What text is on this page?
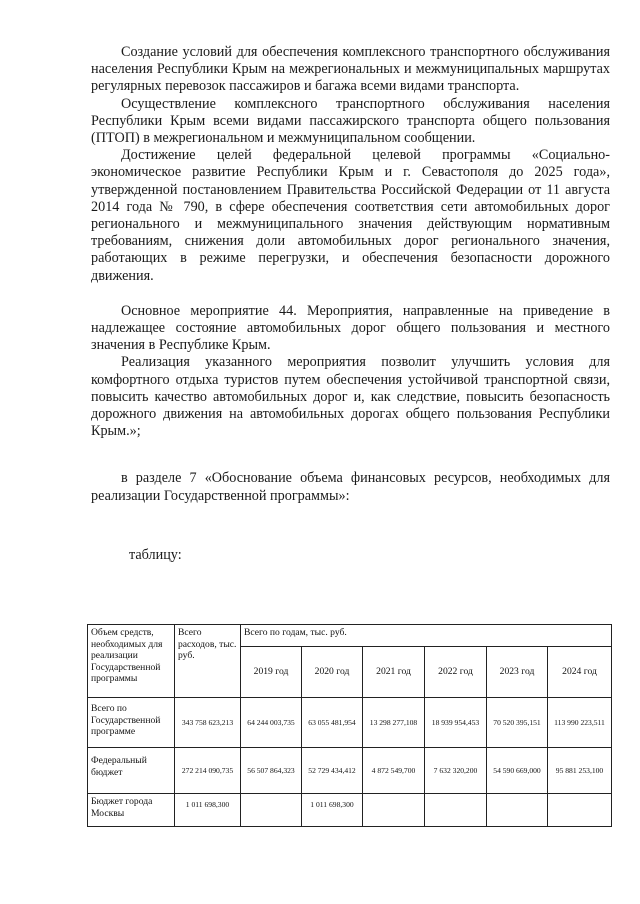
Создание условий для обеспечения комплексного транспортного обслуживания населения Республики Крым на межрегиональных и межмуниципальных маршрутах регулярных перевозок пассажиров и багажа всеми видами транспорта.

Осуществление комплексного транспортного обслуживания населения Республики Крым всеми видами пассажирского транспорта общего пользования (ПТОП) в межрегиональном и межмуниципальном сообщении.

Достижение целей федеральной целевой программы «Социально-экономическое развитие Республики Крым и г. Севастополя до 2025 года», утвержденной постановлением Правительства Российской Федерации от 11 августа 2014 года № 790, в сфере обеспечения соответствия сети автомобильных дорог регионального и межмуниципального значения действующим нормативным требованиям, снижения доли автомобильных дорог регионального значения, работающих в режиме перегрузки, и обеспечения безопасности дорожного движения.

Основное мероприятие 44. Мероприятия, направленные на приведение в надлежащее состояние автомобильных дорог общего пользования и местного значения в Республике Крым.

Реализация указанного мероприятия позволит улучшить условия для комфортного отдыха туристов путем обеспечения устойчивой транспортной связи, повысить качество автомобильных дорог и, как следствие, повысить безопасность дорожного движения на автомобильных дорогах общего пользования Республики Крым.»;

в разделе 7 «Обоснование объема финансовых ресурсов, необходимых для реализации Государственной программы»:

таблицу:

Объем средств, необходимых для реализации Государственной программы	Всего расходов, тыс. руб.	Всего по годам, тыс. руб.					
		2019 год	2020 год	2021 год	2022 год	2023 год	2024 год
Всего по Государственной программе	343 758 623,213	64 244 003,735	63 055 481,954	13 298 277,108	18 939 954,453	70 520 395,151	113 990 223,511
Федеральный бюджет	272 214 090,735	56 507 864,323	52 729 434,412	4 872 549,700	7 632 320,200	54 590 669,000	95 881 253,100
Бюджет города Москвы	1 011 698,300		1 011 698,300				
